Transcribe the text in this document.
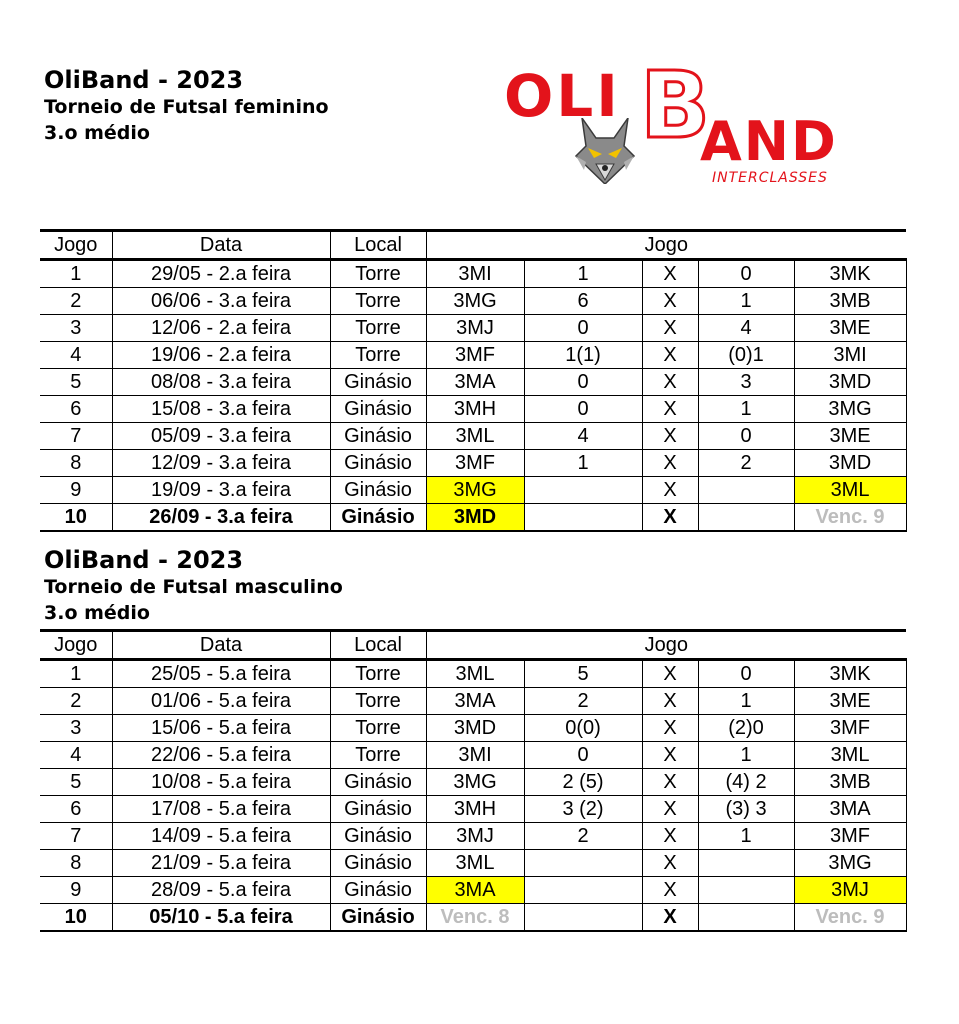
OliBand - 2023
Torneio de Futsal feminino
3.o médio
OLI B
AND
INTERCLASSES
Jogo	Data	Local	Jogo				
1	29/05 - 2.a feira	Torre	3MI	1	X	0	3MK
2	06/06 - 3.a feira	Torre	3MG	6	X	1	3MB
3	12/06 - 2.a feira	Torre	3MJ	0	X	4	3ME
4	19/06 - 2.a feira	Torre	3MF	1(1)	X	(0)1	3MI
5	08/08 - 3.a feira	Ginásio	3MA	0	X	3	3MD
6	15/08 - 3.a feira	Ginásio	3MH	0	X	1	3MG
7	05/09 - 3.a feira	Ginásio	3ML	4	X	0	3ME
8	12/09 - 3.a feira	Ginásio	3MF	1	X	2	3MD
9	19/09 - 3.a feira	Ginásio	3MG		X		3ML
10	26/09 - 3.a feira	Ginásio	3MD		X		Venc. 9
OliBand - 2023
Torneio de Futsal masculino
3.o médio
Jogo	Data	Local	Jogo				
1	25/05 - 5.a feira	Torre	3ML	5	X	0	3MK
2	01/06 - 5.a feira	Torre	3MA	2	X	1	3ME
3	15/06 - 5.a feira	Torre	3MD	0(0)	X	(2)0	3MF
4	22/06 - 5.a feira	Torre	3MI	0	X	1	3ML
5	10/08 - 5.a feira	Ginásio	3MG	2 (5)	X	(4) 2	3MB
6	17/08 - 5.a feira	Ginásio	3MH	3 (2)	X	(3) 3	3MA
7	14/09 - 5.a feira	Ginásio	3MJ	2	X	1	3MF
8	21/09 - 5.a feira	Ginásio	3ML		X		3MG
9	28/09 - 5.a feira	Ginásio	3MA		X		3MJ
10	05/10 - 5.a feira	Ginásio	Venc. 8		X		Venc. 9
